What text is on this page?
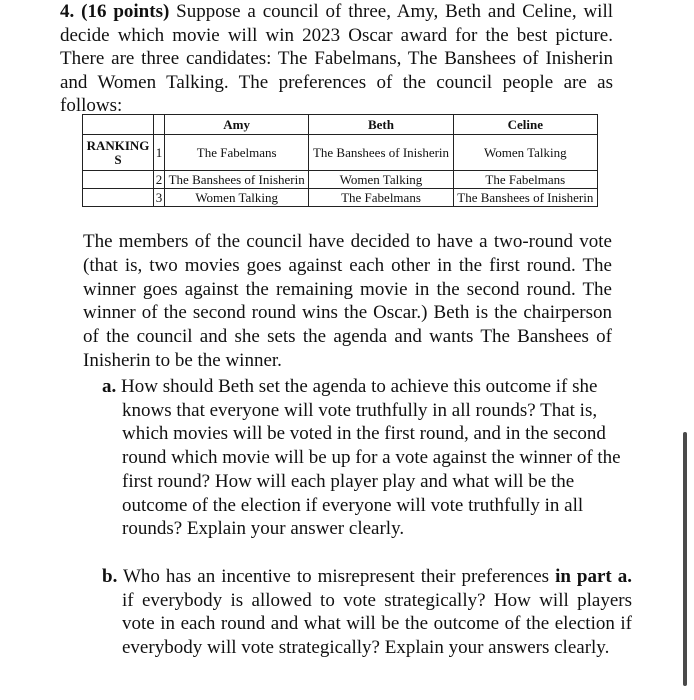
4. (16 points) Suppose a council of three, Amy, Beth and Celine, will decide which movie will win 2023 Oscar award for the best picture. There are three candidates: The Fabelmans, The Banshees of Inisherin and Women Talking. The preferences of the council people are as follows:

		Amy	Beth	Celine
RANKINGS	1	The Fabelmans	The Banshees of Inisherin	Women Talking
	2	The Banshees of Inisherin	Women Talking	The Fabelmans
	3	Women Talking	The Fabelmans	The Banshees of Inisherin

The members of the council have decided to have a two-round vote (that is, two movies goes against each other in the first round. The winner goes against the remaining movie in the second round. The winner of the second round wins the Oscar.) Beth is the chairperson of the council and she sets the agenda and wants The Banshees of Inisherin to be the winner.

a. How should Beth set the agenda to achieve this outcome if she knows that everyone will vote truthfully in all rounds? That is, which movies will be voted in the first round, and in the second round which movie will be up for a vote against the winner of the first round? How will each player play and what will be the outcome of the election if everyone will vote truthfully in all rounds? Explain your answer clearly.

b. Who has an incentive to misrepresent their preferences in part a. if everybody is allowed to vote strategically? How will players vote in each round and what will be the outcome of the election if everybody will vote strategically? Explain your answers clearly.
